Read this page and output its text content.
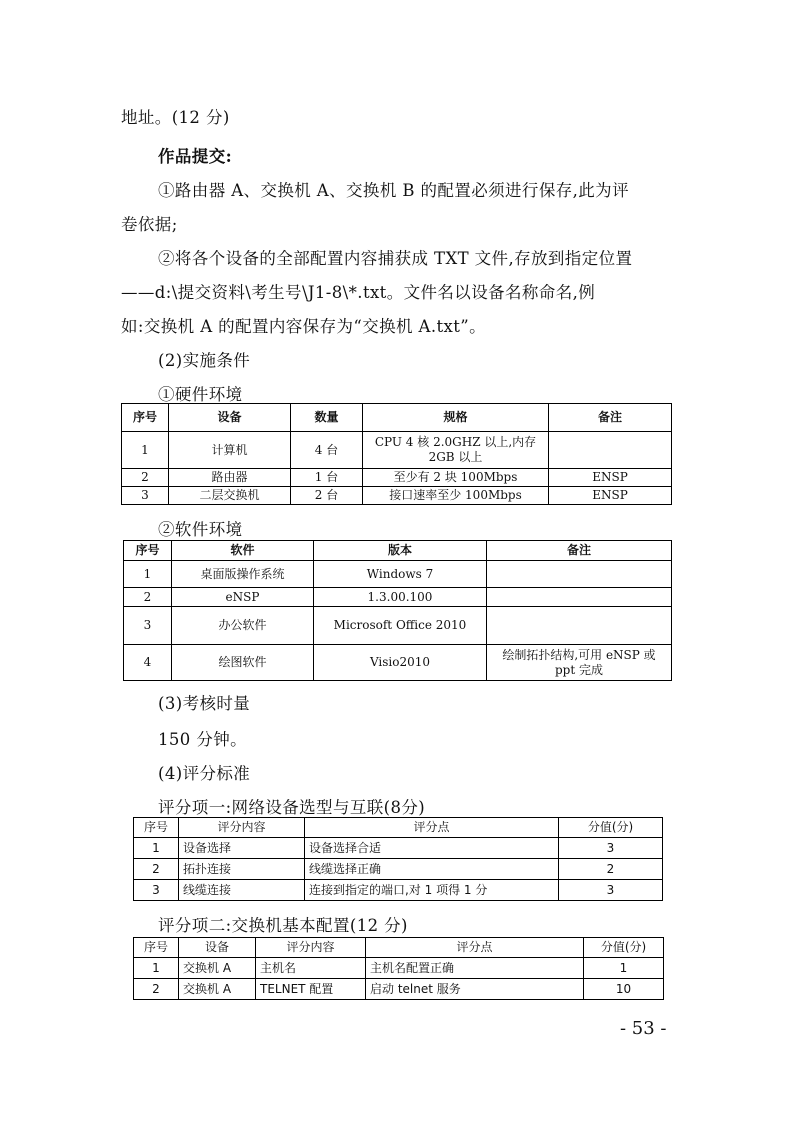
地址。(12 分)
作品提交:
①路由器 A、交换机 A、交换机 B 的配置必须进行保存,此为评
卷依据;
②将各个设备的全部配置内容捕获成 TXT 文件,存放到指定位置
——d:\提交资料\考生号\J1-8\*.txt。文件名以设备名称命名,例
如:交换机 A 的配置内容保存为“交换机 A.txt”。
(2)实施条件
①硬件环境
序号	设备	数量	规格	备注
1	计算机	4 台	CPU 4 核 2.0GHZ 以上,内存 2GB 以上	
2	路由器	1 台	至少有 2 块 100Mbps	ENSP
3	二层交换机	2 台	接口速率至少 100Mbps	ENSP
②软件环境
序号	软件	版本	备注
1	桌面版操作系统	Windows 7	
2	eNSP	1.3.00.100	
3	办公软件	Microsoft Office 2010	
4	绘图软件	Visio2010	绘制拓扑结构,可用 eNSP 或 ppt 完成
(3)考核时量
150 分钟。
(4)评分标准
评分项一:网络设备选型与互联(8分)
序号	评分内容	评分点	分值(分)
1	设备选择	设备选择合适	3
2	拓扑连接	线缆选择正确	2
3	线缆连接	连接到指定的端口,对 1 项得 1 分	3
评分项二:交换机基本配置(12 分)
序号	设备	评分内容	评分点	分值(分)
1	交换机 A	主机名	主机名配置正确	1
2	交换机 A	TELNET 配置	启动 telnet 服务	10
- 53 -
